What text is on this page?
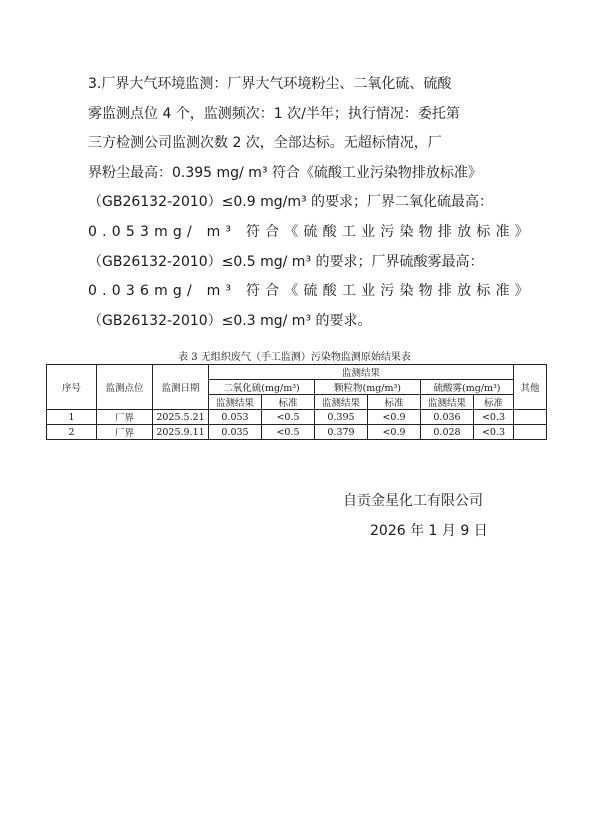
3.厂界大气环境监测：厂界大气环境粉尘、二氧化硫、硫酸

雾监测点位 4 个，监测频次：1 次/半年；执行情况：委托第

三方检测公司监测次数 2 次，全部达标。无超标情况，厂

界粉尘最高：0.395 mg/ m³ 符合《硫酸工业污染物排放标准》

（GB26132-2010）≤0.9 mg/m³ 的要求；厂界二氧化硫最高：

0.053mg/ m³ 符合《硫酸工业污染物排放标准》

（GB26132-2010）≤0.5 mg/ m³ 的要求；厂界硫酸雾最高：

0.036mg/ m³ 符合《硫酸工业污染物排放标准》

（GB26132-2010）≤0.3 mg/ m³ 的要求。

表 3 无组织废气（手工监测）污染物监测原始结果表
序号	监测点位	监测日期	监测结果						其他
			二氧化硫(mg/m³)		颗粒物(mg/m³)		硫酸雾(mg/m³)		
			监测结果	标准	监测结果	标准	监测结果	标准	
1	厂界	2025.5.21	0.053	<0.5	0.395	<0.9	0.036	<0.3	
2	厂界	2025.9.11	0.035	<0.5	0.379	<0.9	0.028	<0.3	
自贡金星化工有限公司
2026 年 1 月 9 日
